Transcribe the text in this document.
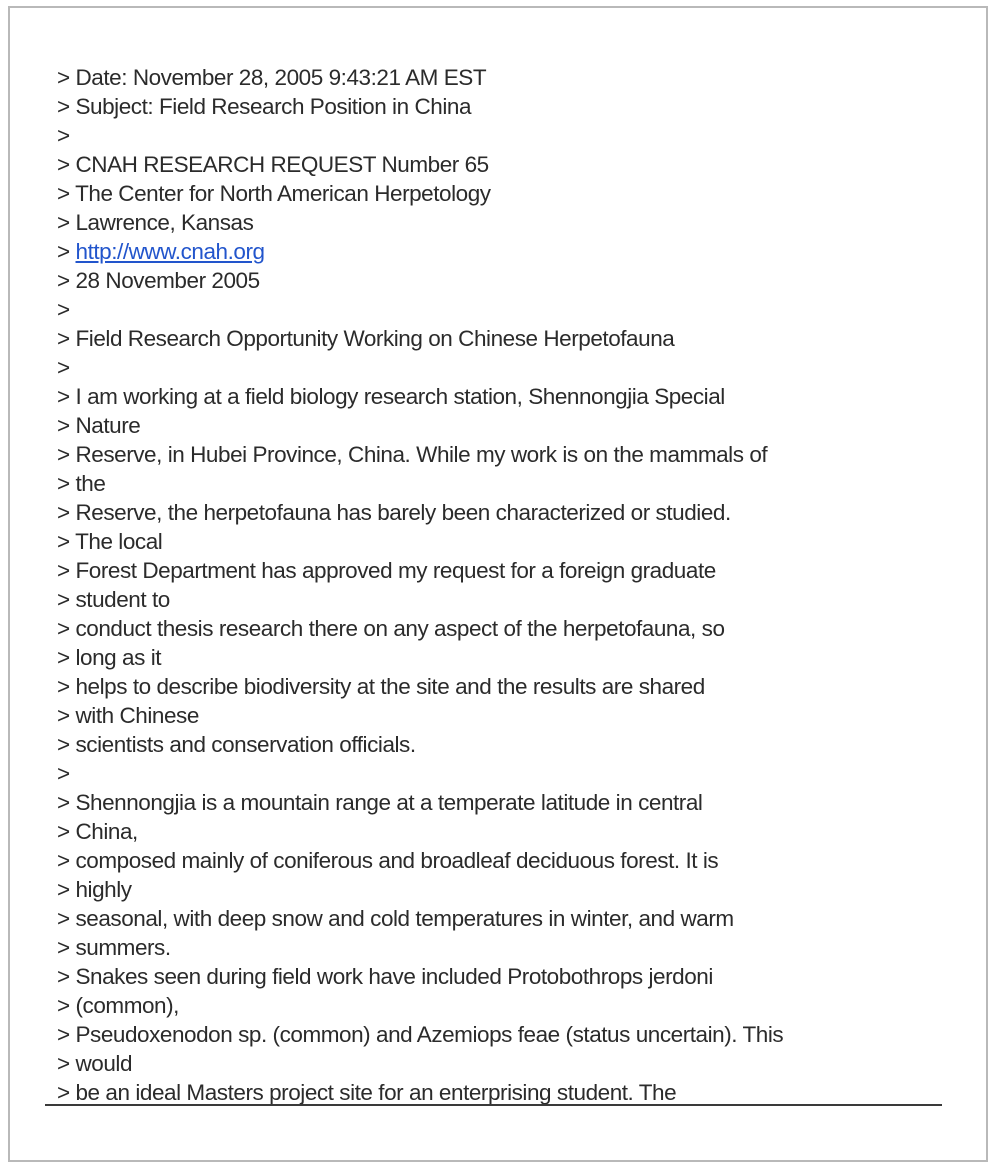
> Date: November 28, 2005 9:43:21 AM EST
> Subject: Field Research Position in China
>
> CNAH RESEARCH REQUEST Number 65
> The Center for North American Herpetology
> Lawrence, Kansas
> http://www.cnah.org
> 28 November 2005
>
> Field Research Opportunity Working on Chinese Herpetofauna
>
> I am working at a field biology research station, Shennongjia Special
> Nature
> Reserve, in Hubei Province, China. While my work is on the mammals of
> the
> Reserve, the herpetofauna has barely been characterized or studied.
> The local
> Forest Department has approved my request for a foreign graduate
> student to
> conduct thesis research there on any aspect of the herpetofauna, so
> long as it
> helps to describe biodiversity at the site and the results are shared
> with Chinese
> scientists and conservation officials.
>
> Shennongjia is a mountain range at a temperate latitude in central
> China,
> composed mainly of coniferous and broadleaf deciduous forest. It is
> highly
> seasonal, with deep snow and cold temperatures in winter, and warm
> summers.
> Snakes seen during field work have included Protobothrops jerdoni
> (common),
> Pseudoxenodon sp. (common) and Azemiops feae (status uncertain). This
> would
> be an ideal Masters project site for an enterprising student. The
